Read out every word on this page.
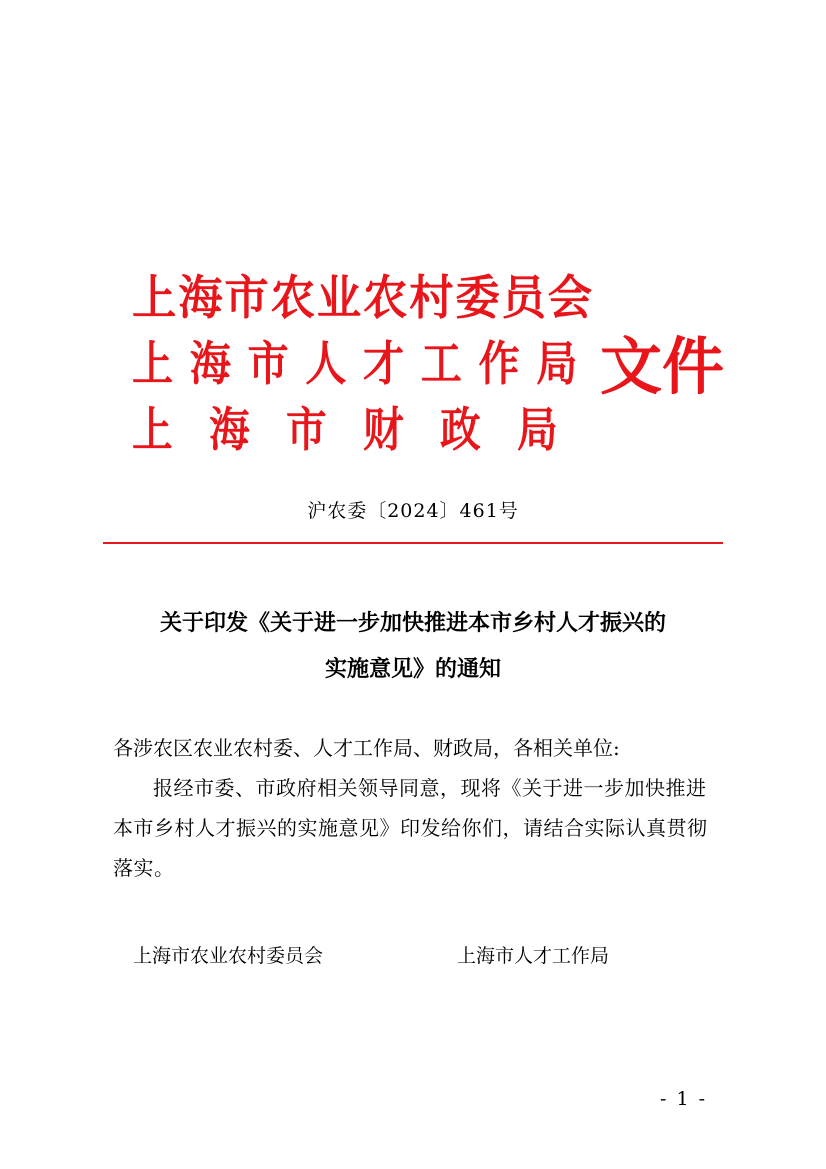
上海市农业农村委员会
上海市人才工作局
上海市财政局
文件
沪农委〔2024〕461号
关于印发《关于进一步加快推进本市乡村人才振兴的
实施意见》的通知
各涉农区农业农村委、人才工作局、财政局，各相关单位:
报经市委、市政府相关领导同意，现将《关于进一步加快推进本市乡村人才振兴的实施意见》印发给你们，请结合实际认真贯彻落实。
上海市农业农村委员会	上海市人才工作局
- 1 -
